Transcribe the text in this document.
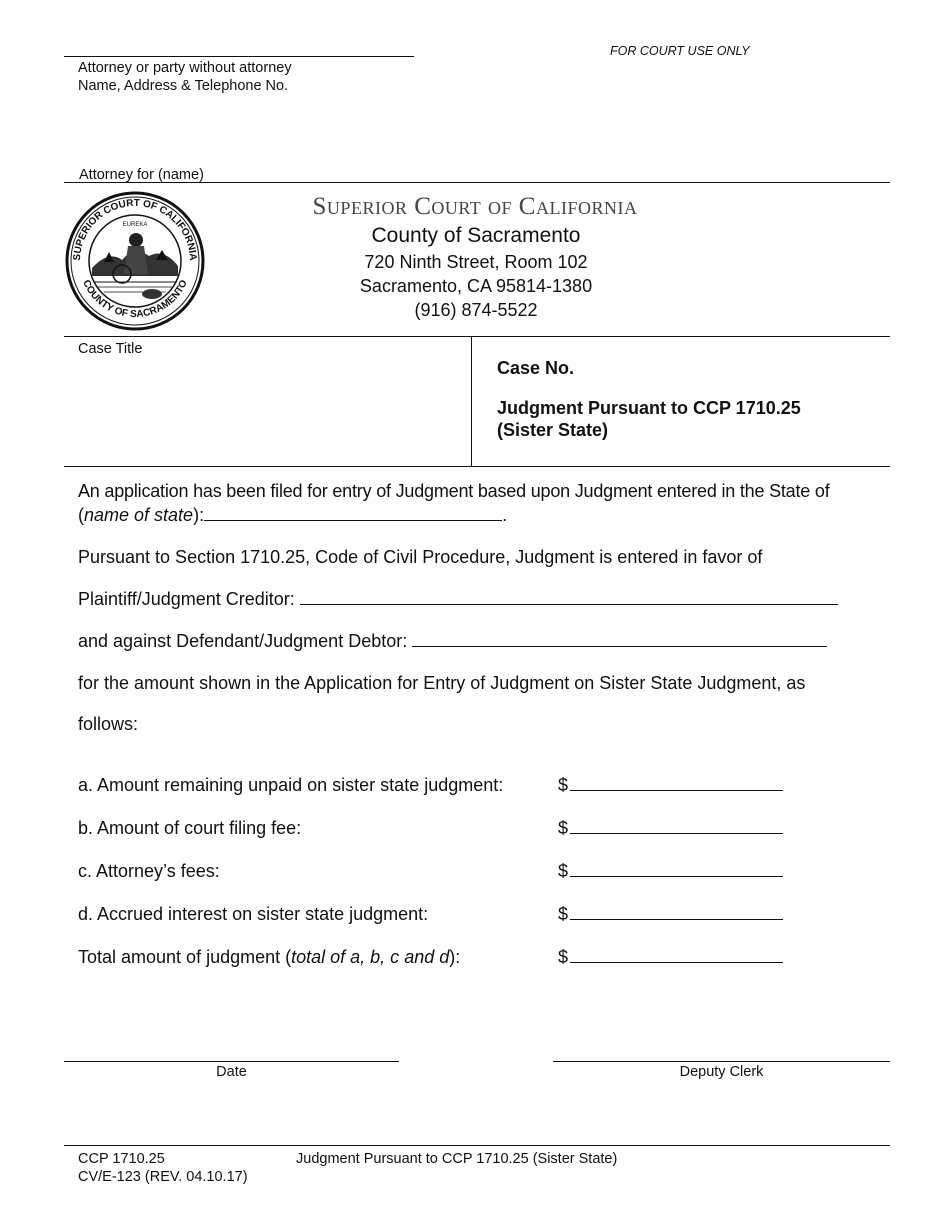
Attorney or party without attorney
Name, Address & Telephone No.
FOR COURT USE ONLY
Attorney for (name)
SUPERIOR COURT OF CALIFORNIA
COUNTY OF SACRAMENTO
EUREKA
Superior Court of California
County of Sacramento
720 Ninth Street, Room 102
Sacramento, CA 95814-1380
(916) 874-5522
Case Title
Case No.
Judgment Pursuant to CCP 1710.25
(Sister State)
An application has been filed for entry of Judgment based upon Judgment entered in the State of
(name of state):	.
Pursuant to Section 1710.25, Code of Civil Procedure, Judgment is entered in favor of
Plaintiff/Judgment Creditor:
and against Defendant/Judgment Debtor:
for the amount shown in the Application for Entry of Judgment on Sister State Judgment, as
follows:
a. Amount remaining unpaid on sister state judgment:	$
b. Amount of court filing fee:	$
c. Attorney’s fees:	$
d. Accrued interest on sister state judgment:	$
Total amount of judgment (total of a, b, c and d):	$
Date	Deputy Clerk
CCP 1710.25
CV/E-123 (REV. 04.10.17)
Judgment Pursuant to CCP 1710.25 (Sister State)
